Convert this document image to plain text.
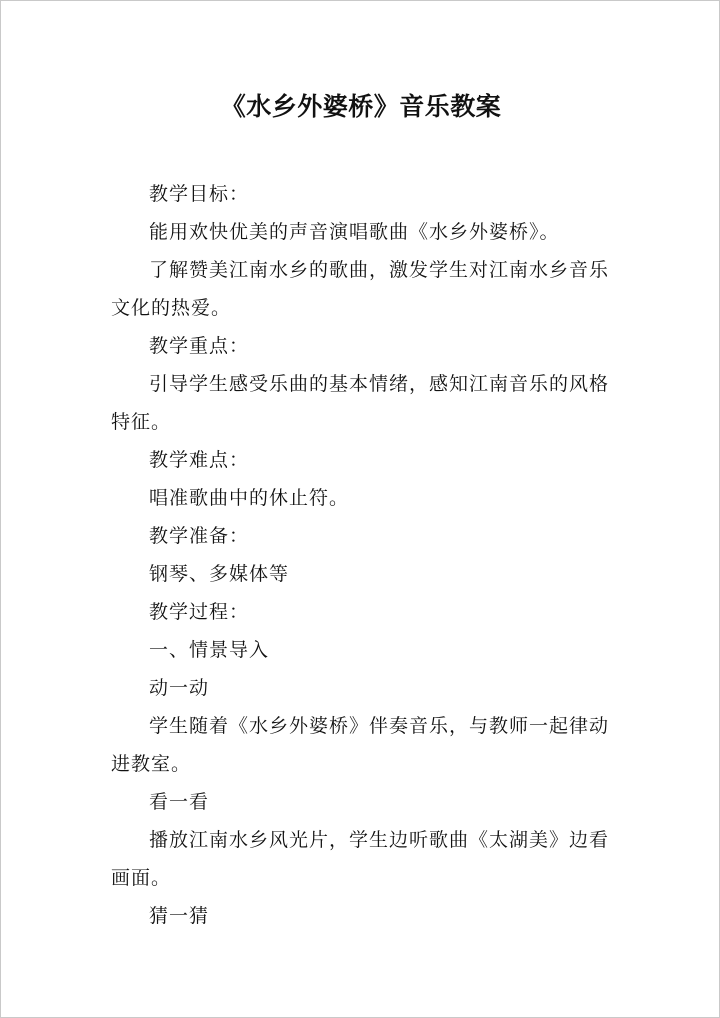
《水乡外婆桥》音乐教案

教学目标：

能用欢快优美的声音演唱歌曲《水乡外婆桥》。

了解赞美江南水乡的歌曲，激发学生对江南水乡音乐文化的热爱。

教学重点：

引导学生感受乐曲的基本情绪，感知江南音乐的风格特征。

教学难点：

唱准歌曲中的休止符。

教学准备：

钢琴、多媒体等

教学过程：

一、情景导入

动一动

学生随着《水乡外婆桥》伴奏音乐，与教师一起律动进教室。

看一看

播放江南水乡风光片，学生边听歌曲《太湖美》边看画面。

猜一猜
